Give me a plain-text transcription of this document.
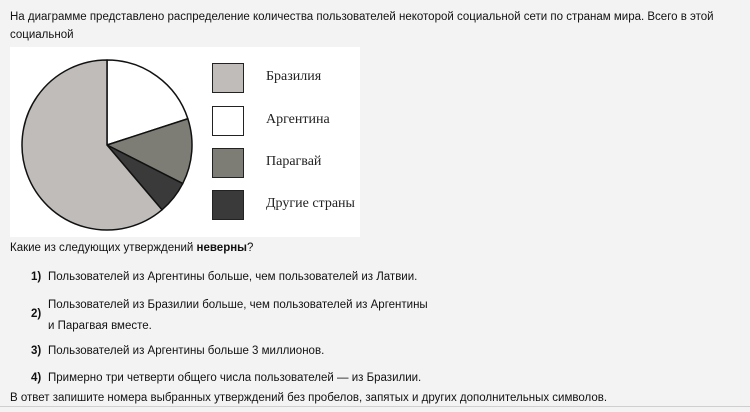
На диаграмме представлено распределение количества пользователей некоторой социальной сети по странам мира. Всего в этой социальной
Бразилия
Аргентина
Парагвай
Другие страны
Какие из следующих утверждений неверны?
1) Пользователей из Аргентины больше, чем пользователей из Латвии.
2)
Пользователей из Бразилии больше, чем пользователей из Аргентины
и Парагвая вместе.
3) Пользователей из Аргентины больше 3 миллионов.
4) Примерно три четверти общего числа пользователей — из Бразилии.
В ответ запишите номера выбранных утверждений без пробелов, запятых и других дополнительных символов.
